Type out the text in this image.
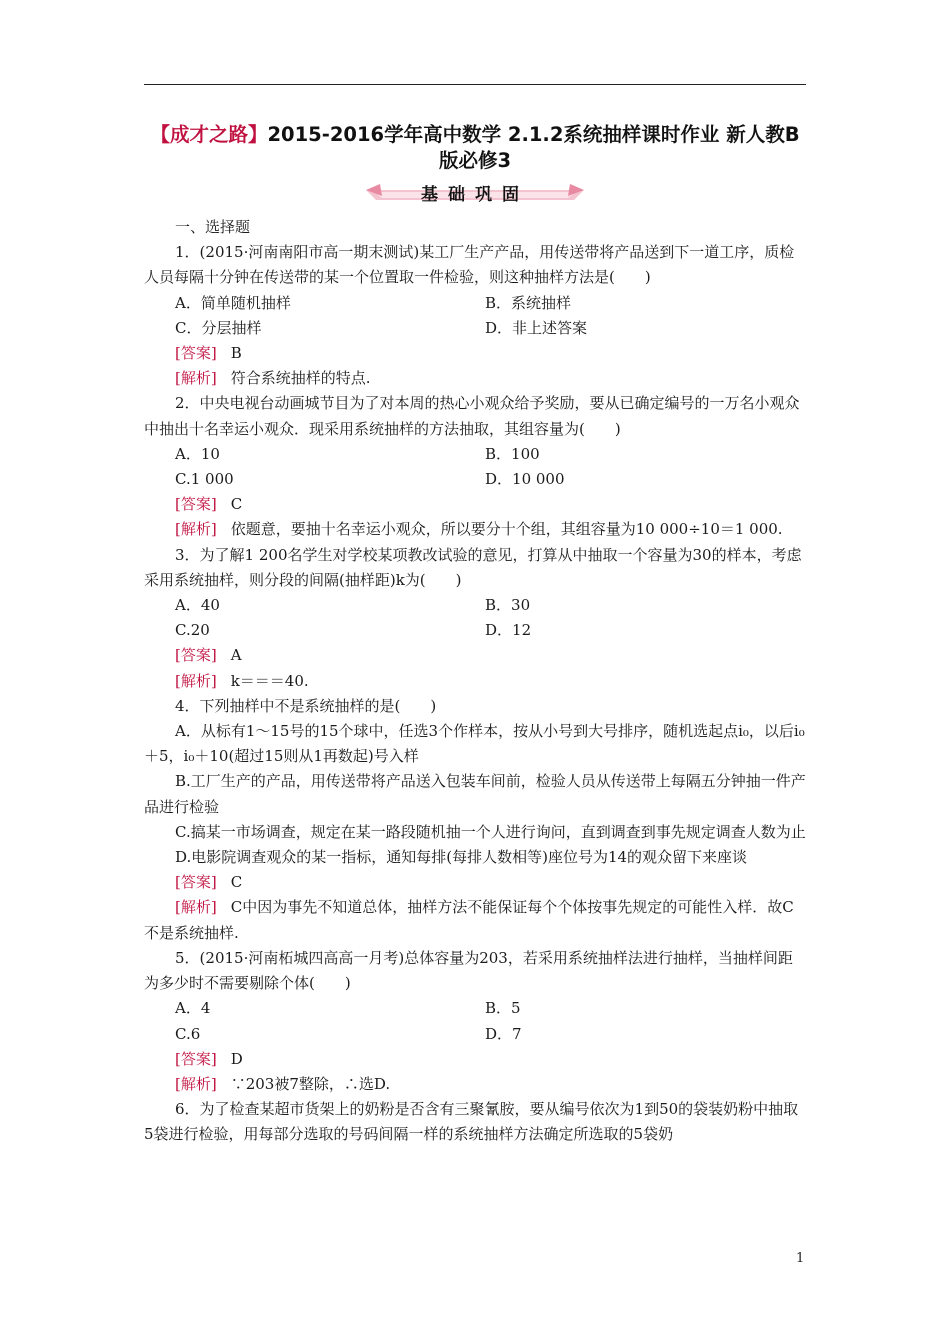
【成才之路】2015-2016学年高中数学 2.1.2系统抽样课时作业 新人教B版必修3
基础巩固

一、选择题

1．(2015·河南南阳市高一期末测试)某工厂生产产品，用传送带将产品送到下一道工序，质检人员每隔十分钟在传送带的某一个位置取一件检验，则这种抽样方法是(　　)

A．简单随机抽样	B．系统抽样
C．分层抽样	D．非上述答案

[答案] B

[解析] 符合系统抽样的特点.

2．中央电视台动画城节目为了对本周的热心小观众给予奖励，要从已确定编号的一万名小观众中抽出十名幸运小观众．现采用系统抽样的方法抽取，其组容量为(　　)

A．10	B．100
C.1 000	D．10 000

[答案] C

[解析] 依题意，要抽十名幸运小观众，所以要分十个组，其组容量为10 000÷10＝1 000.

3．为了解1 200名学生对学校某项教改试验的意见，打算从中抽取一个容量为30的样本，考虑采用系统抽样，则分段的间隔(抽样距)k为(　　)

A．40	B．30
C.20	D．12

[答案] A

[解析] k＝＝＝40.

4．下列抽样中不是系统抽样的是(　　)

A．从标有1～15号的15个球中，任选3个作样本，按从小号到大号排序，随机选起点i₀，以后i₀＋5，i₀＋10(超过15则从1再数起)号入样

B.工厂生产的产品，用传送带将产品送入包装车间前，检验人员从传送带上每隔五分钟抽一件产品进行检验

C.搞某一市场调查，规定在某一路段随机抽一个人进行询问，直到调查到事先规定调查人数为止

D.电影院调查观众的某一指标，通知每排(每排人数相等)座位号为14的观众留下来座谈

[答案] C

[解析] C中因为事先不知道总体，抽样方法不能保证每个个体按事先规定的可能性入样．故C不是系统抽样.

5．(2015·河南柘城四高高一月考)总体容量为203，若采用系统抽样法进行抽样，当抽样间距为多少时不需要剔除个体(　　)

A．4	B．5
C.6	D．7

[答案] D

[解析] ∵203被7整除，∴选D.

6．为了检查某超市货架上的奶粉是否含有三聚氰胺，要从编号依次为1到50的袋装奶粉中抽取5袋进行检验，用每部分选取的号码间隔一样的系统抽样方法确定所选取的5袋奶

1
